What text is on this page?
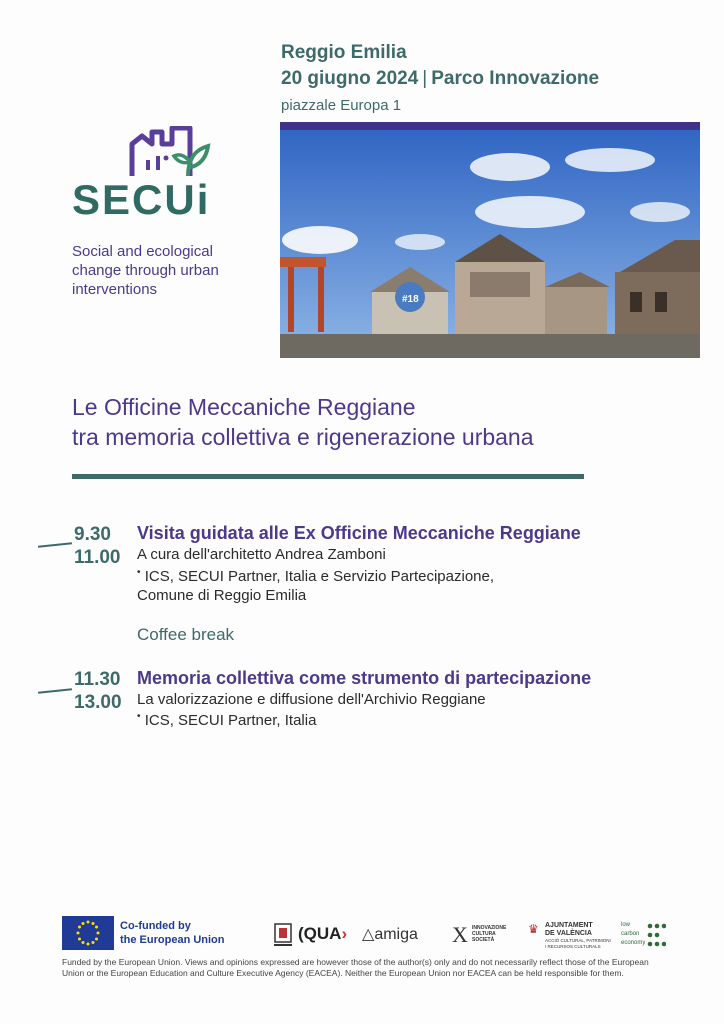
Reggio Emilia
20 giugno 2024 | Parco Innovazione
piazzale Europa 1
SECUi
Social and ecological
change through urban
interventions
#18
Le Officine Meccaniche Reggiane
tra memoria collettiva e rigenerazione urbana
9.30
11.00
Visita guidata alle Ex Officine Meccaniche Reggiane
A cura dell'architetto Andrea Zamboni
• ICS, SECUI Partner, Italia e Servizio Partecipazione,
Comune di Reggio Emilia
Coffee break
11.30
13.00
Memoria collettiva come strumento di partecipazione
La valorizzazione e diffusione dell'Archivio Reggiane
• ICS, SECUI Partner, Italia
Co-funded by
the European Union	(QUA› △amiga X INNOVAZIONE
CULTURA
SOCIETÀ
♛ AJUNTAMENT
DE VALÈNCIA
ACCIÓ CULTURAL, PATRIMONI
I RECURSOS CULTURALS
low
carbon
economy
Funded by the European Union. Views and opinions expressed are however those of the author(s) only and do not necessarily reflect those of the European Union or the European Education and Culture Executive Agency (EACEA). Neither the European Union nor EACEA can be held responsible for them.
